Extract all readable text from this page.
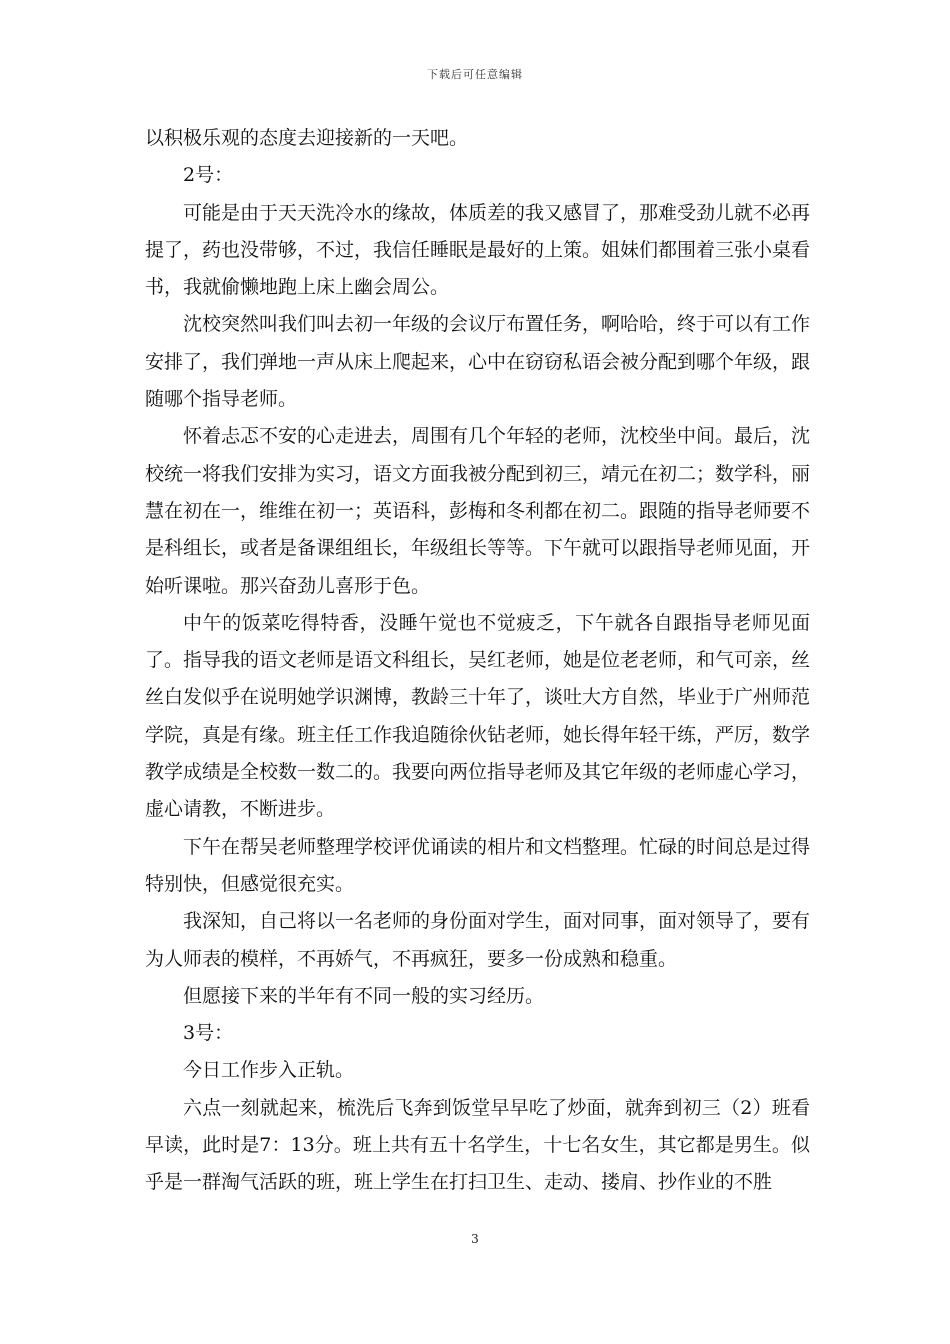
下载后可任意编辑

以积极乐观的态度去迎接新的一天吧。

2号：

可能是由于天天洗冷水的缘故，体质差的我又感冒了，那难受劲儿就不必再提了，药也没带够，不过，我信任睡眠是最好的上策。姐妹们都围着三张小桌看书，我就偷懒地跑上床上幽会周公。

沈校突然叫我们叫去初一年级的会议厅布置任务，啊哈哈，终于可以有工作安排了，我们弹地一声从床上爬起来，心中在窃窃私语会被分配到哪个年级，跟随哪个指导老师。

怀着忐忑不安的心走进去，周围有几个年轻的老师，沈校坐中间。最后，沈校统一将我们安排为实习，语文方面我被分配到初三，靖元在初二；数学科，丽慧在初在一，维维在初一；英语科，彭梅和冬利都在初二。跟随的指导老师要不是科组长，或者是备课组组长，年级组长等等。下午就可以跟指导老师见面，开始听课啦。那兴奋劲儿喜形于色。

中午的饭菜吃得特香，没睡午觉也不觉疲乏，下午就各自跟指导老师见面了。指导我的语文老师是语文科组长，吴红老师，她是位老老师，和气可亲，丝丝白发似乎在说明她学识渊博，教龄三十年了，谈吐大方自然，毕业于广州师范学院，真是有缘。班主任工作我追随徐伙钻老师，她长得年轻干练，严厉，数学教学成绩是全校数一数二的。我要向两位指导老师及其它年级的老师虚心学习，虚心请教，不断进步。

下午在帮吴老师整理学校评优诵读的相片和文档整理。忙碌的时间总是过得特别快，但感觉很充实。

我深知，自己将以一名老师的身份面对学生，面对同事，面对领导了，要有为人师表的模样，不再娇气，不再疯狂，要多一份成熟和稳重。

但愿接下来的半年有不同一般的实习经历。

3号：

今日工作步入正轨。

六点一刻就起来，梳洗后飞奔到饭堂早早吃了炒面，就奔到初三（2）班看早读，此时是7：13分。班上共有五十名学生，十七名女生，其它都是男生。似乎是一群淘气活跃的班，班上学生在打扫卫生、走动、搂肩、抄作业的不胜

3
